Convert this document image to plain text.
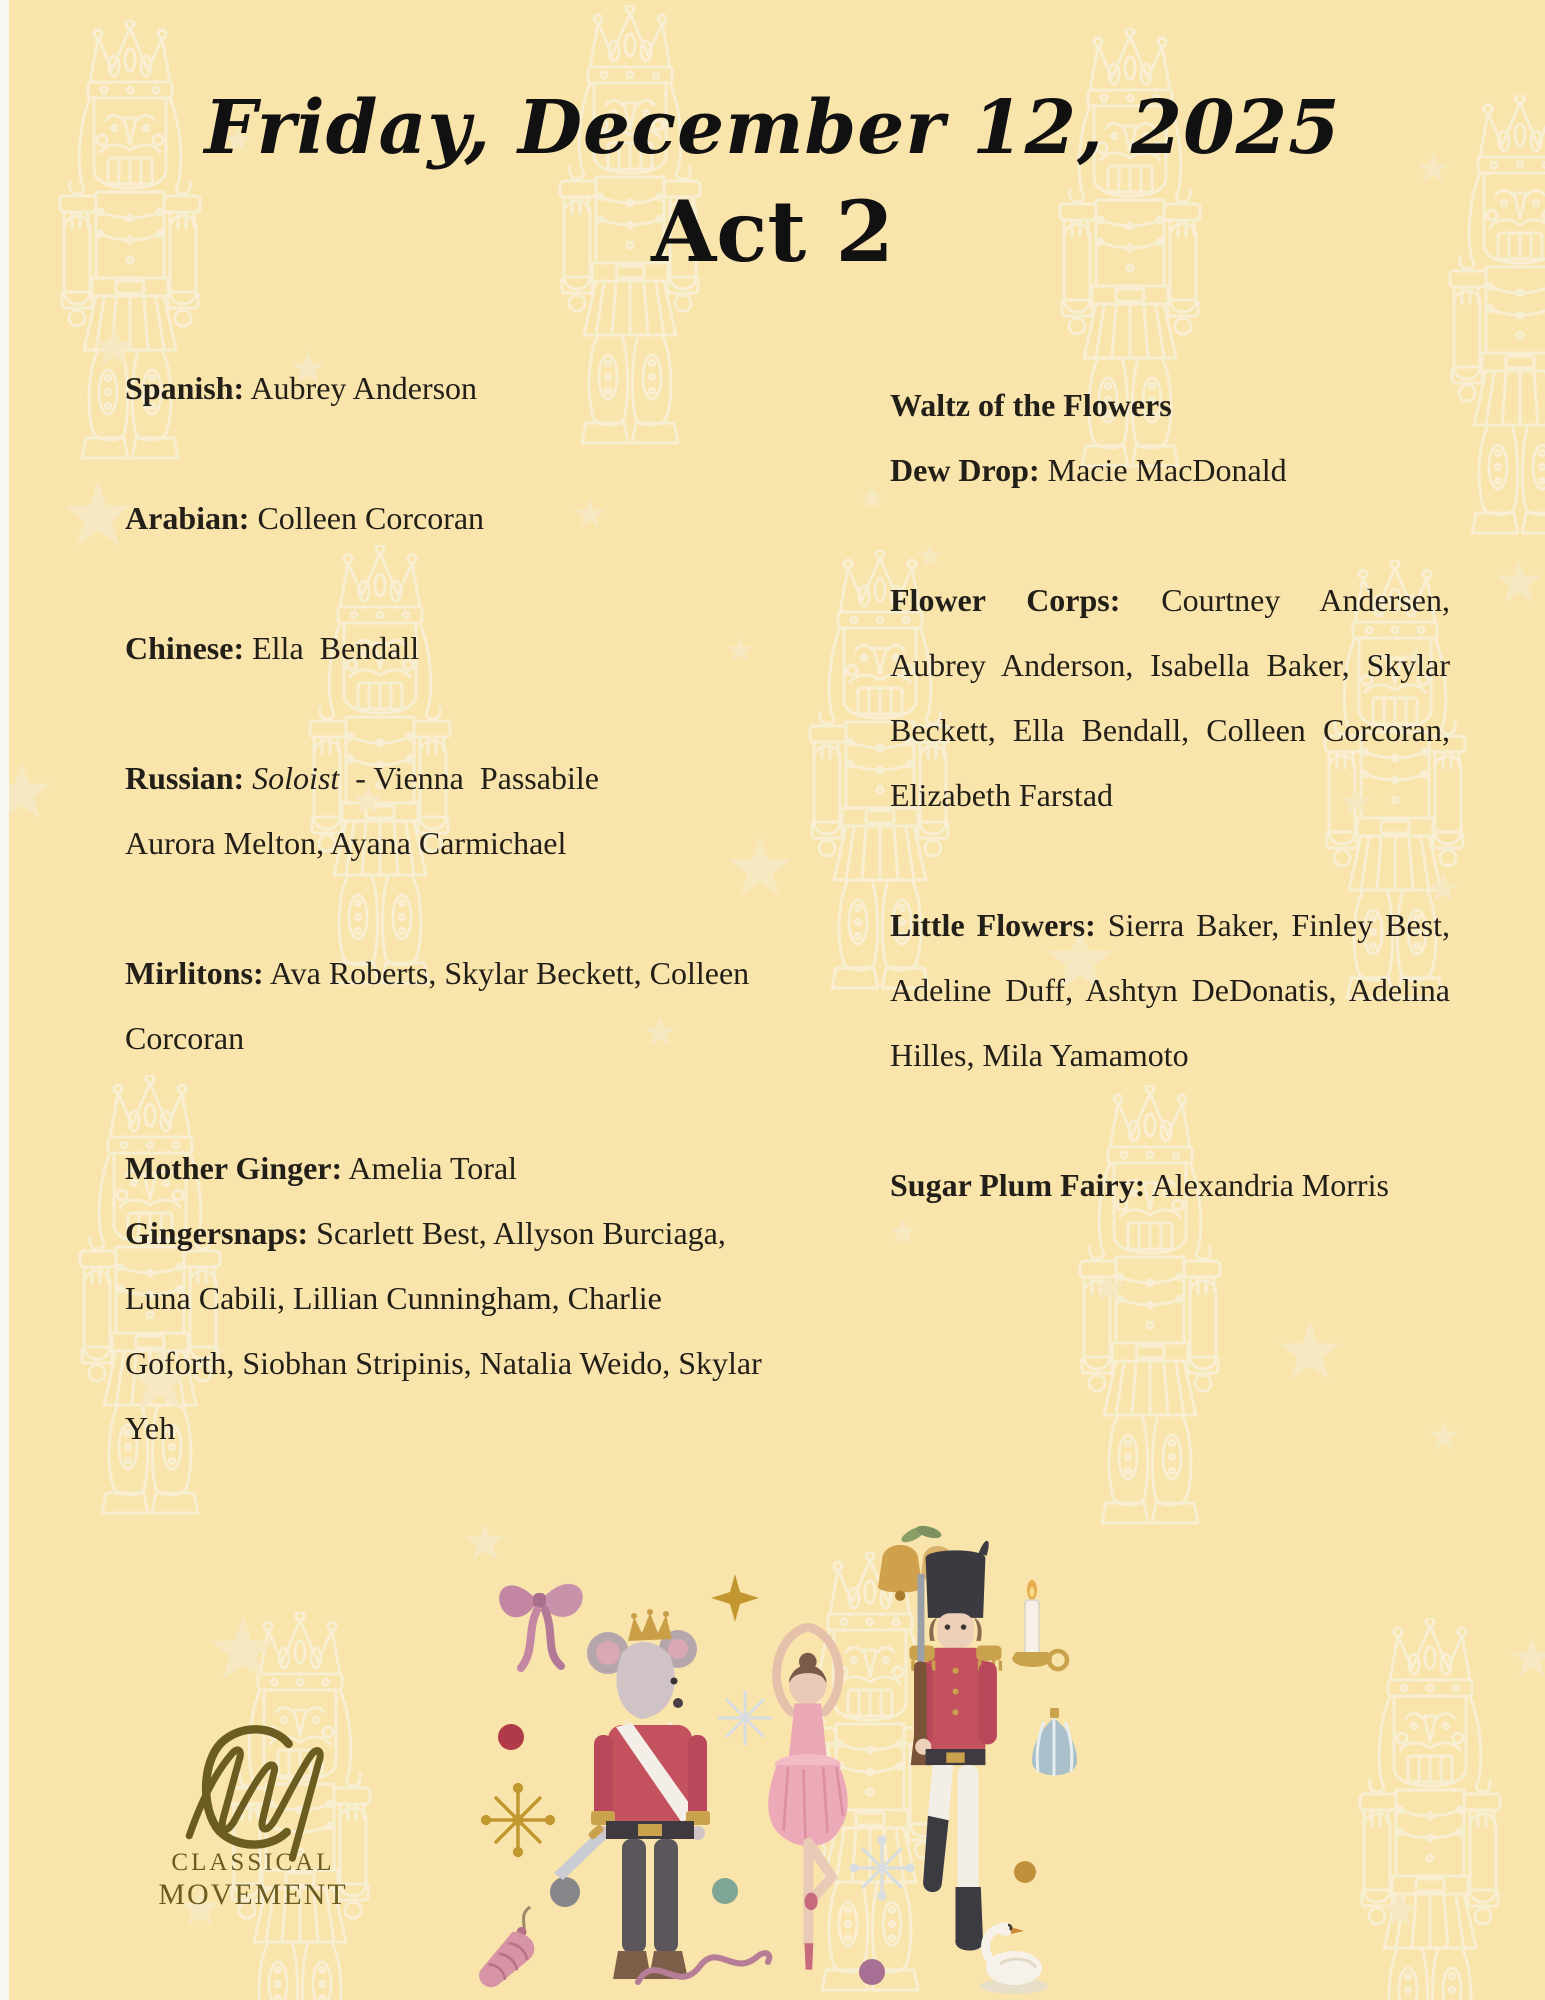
Friday, December 12, 2025
Act 2

Spanish: Aubrey Anderson

Arabian: Colleen Corcoran

Chinese: Ella  Bendall

Russian: Soloist  - Vienna  Passabile
Aurora Melton, Ayana Carmichael

Mirlitons: Ava Roberts, Skylar Beckett, Colleen
Corcoran

Mother Ginger: Amelia Toral

Gingersnaps: Scarlett Best, Allyson Burciaga,
Luna Cabili, Lillian Cunningham, Charlie
Goforth, Siobhan Stripinis, Natalia Weido, Skylar
Yeh

Waltz of the Flowers

Dew Drop: Macie MacDonald

Flower Corps: Courtney Andersen, Aubrey Anderson, Isabella Baker, Skylar Beckett, Ella Bendall, Colleen Corcoran, Elizabeth Farstad

Little Flowers: Sierra Baker, Finley Best, Adeline Duff, Ashtyn DeDonatis, Adelina Hilles, Mila Yamamoto

Sugar Plum Fairy: Alexandria Morris

CLASSICAL
MOVEMENT
